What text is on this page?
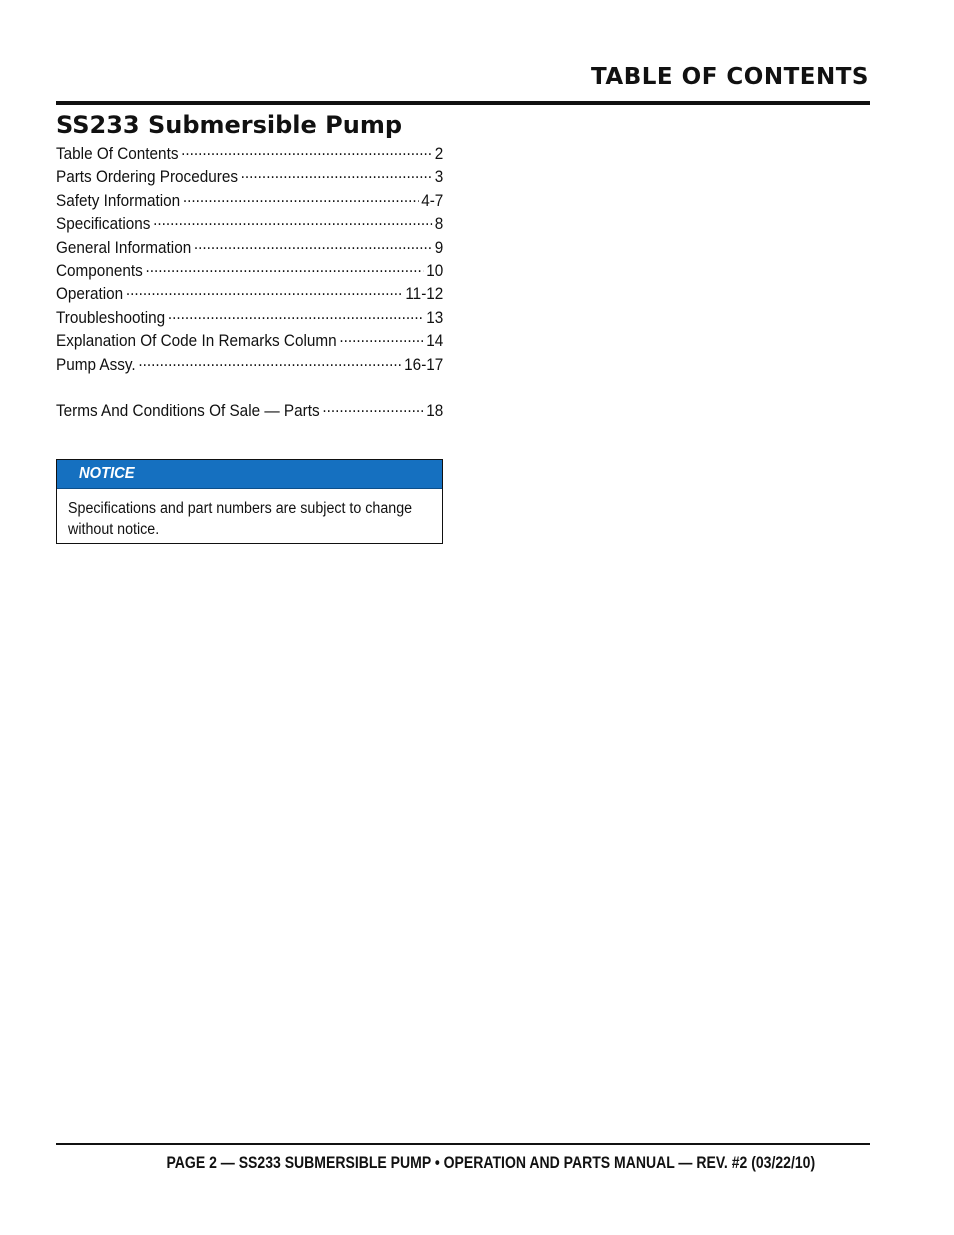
TABLE OF CONTENTS
SS233 Submersible Pump
Table Of Contents .....	2
Parts Ordering Procedures .....	3
Safety Information .....	4-7
Specifications .....	8
General Information .....	9
Components .....	10
Operation .....	11-12
Troubleshooting .....	13
Explanation Of Code In Remarks Column .....	14
Pump Assy. .....	16-17
Terms And Conditions Of Sale — Parts .....	18
NOTICE
Specifications and part numbers are subject to change without notice.
PAGE 2 — SS233 SUBMERSIBLE PUMP • OPERATION AND PARTS MANUAL — REV. #2 (03/22/10)
